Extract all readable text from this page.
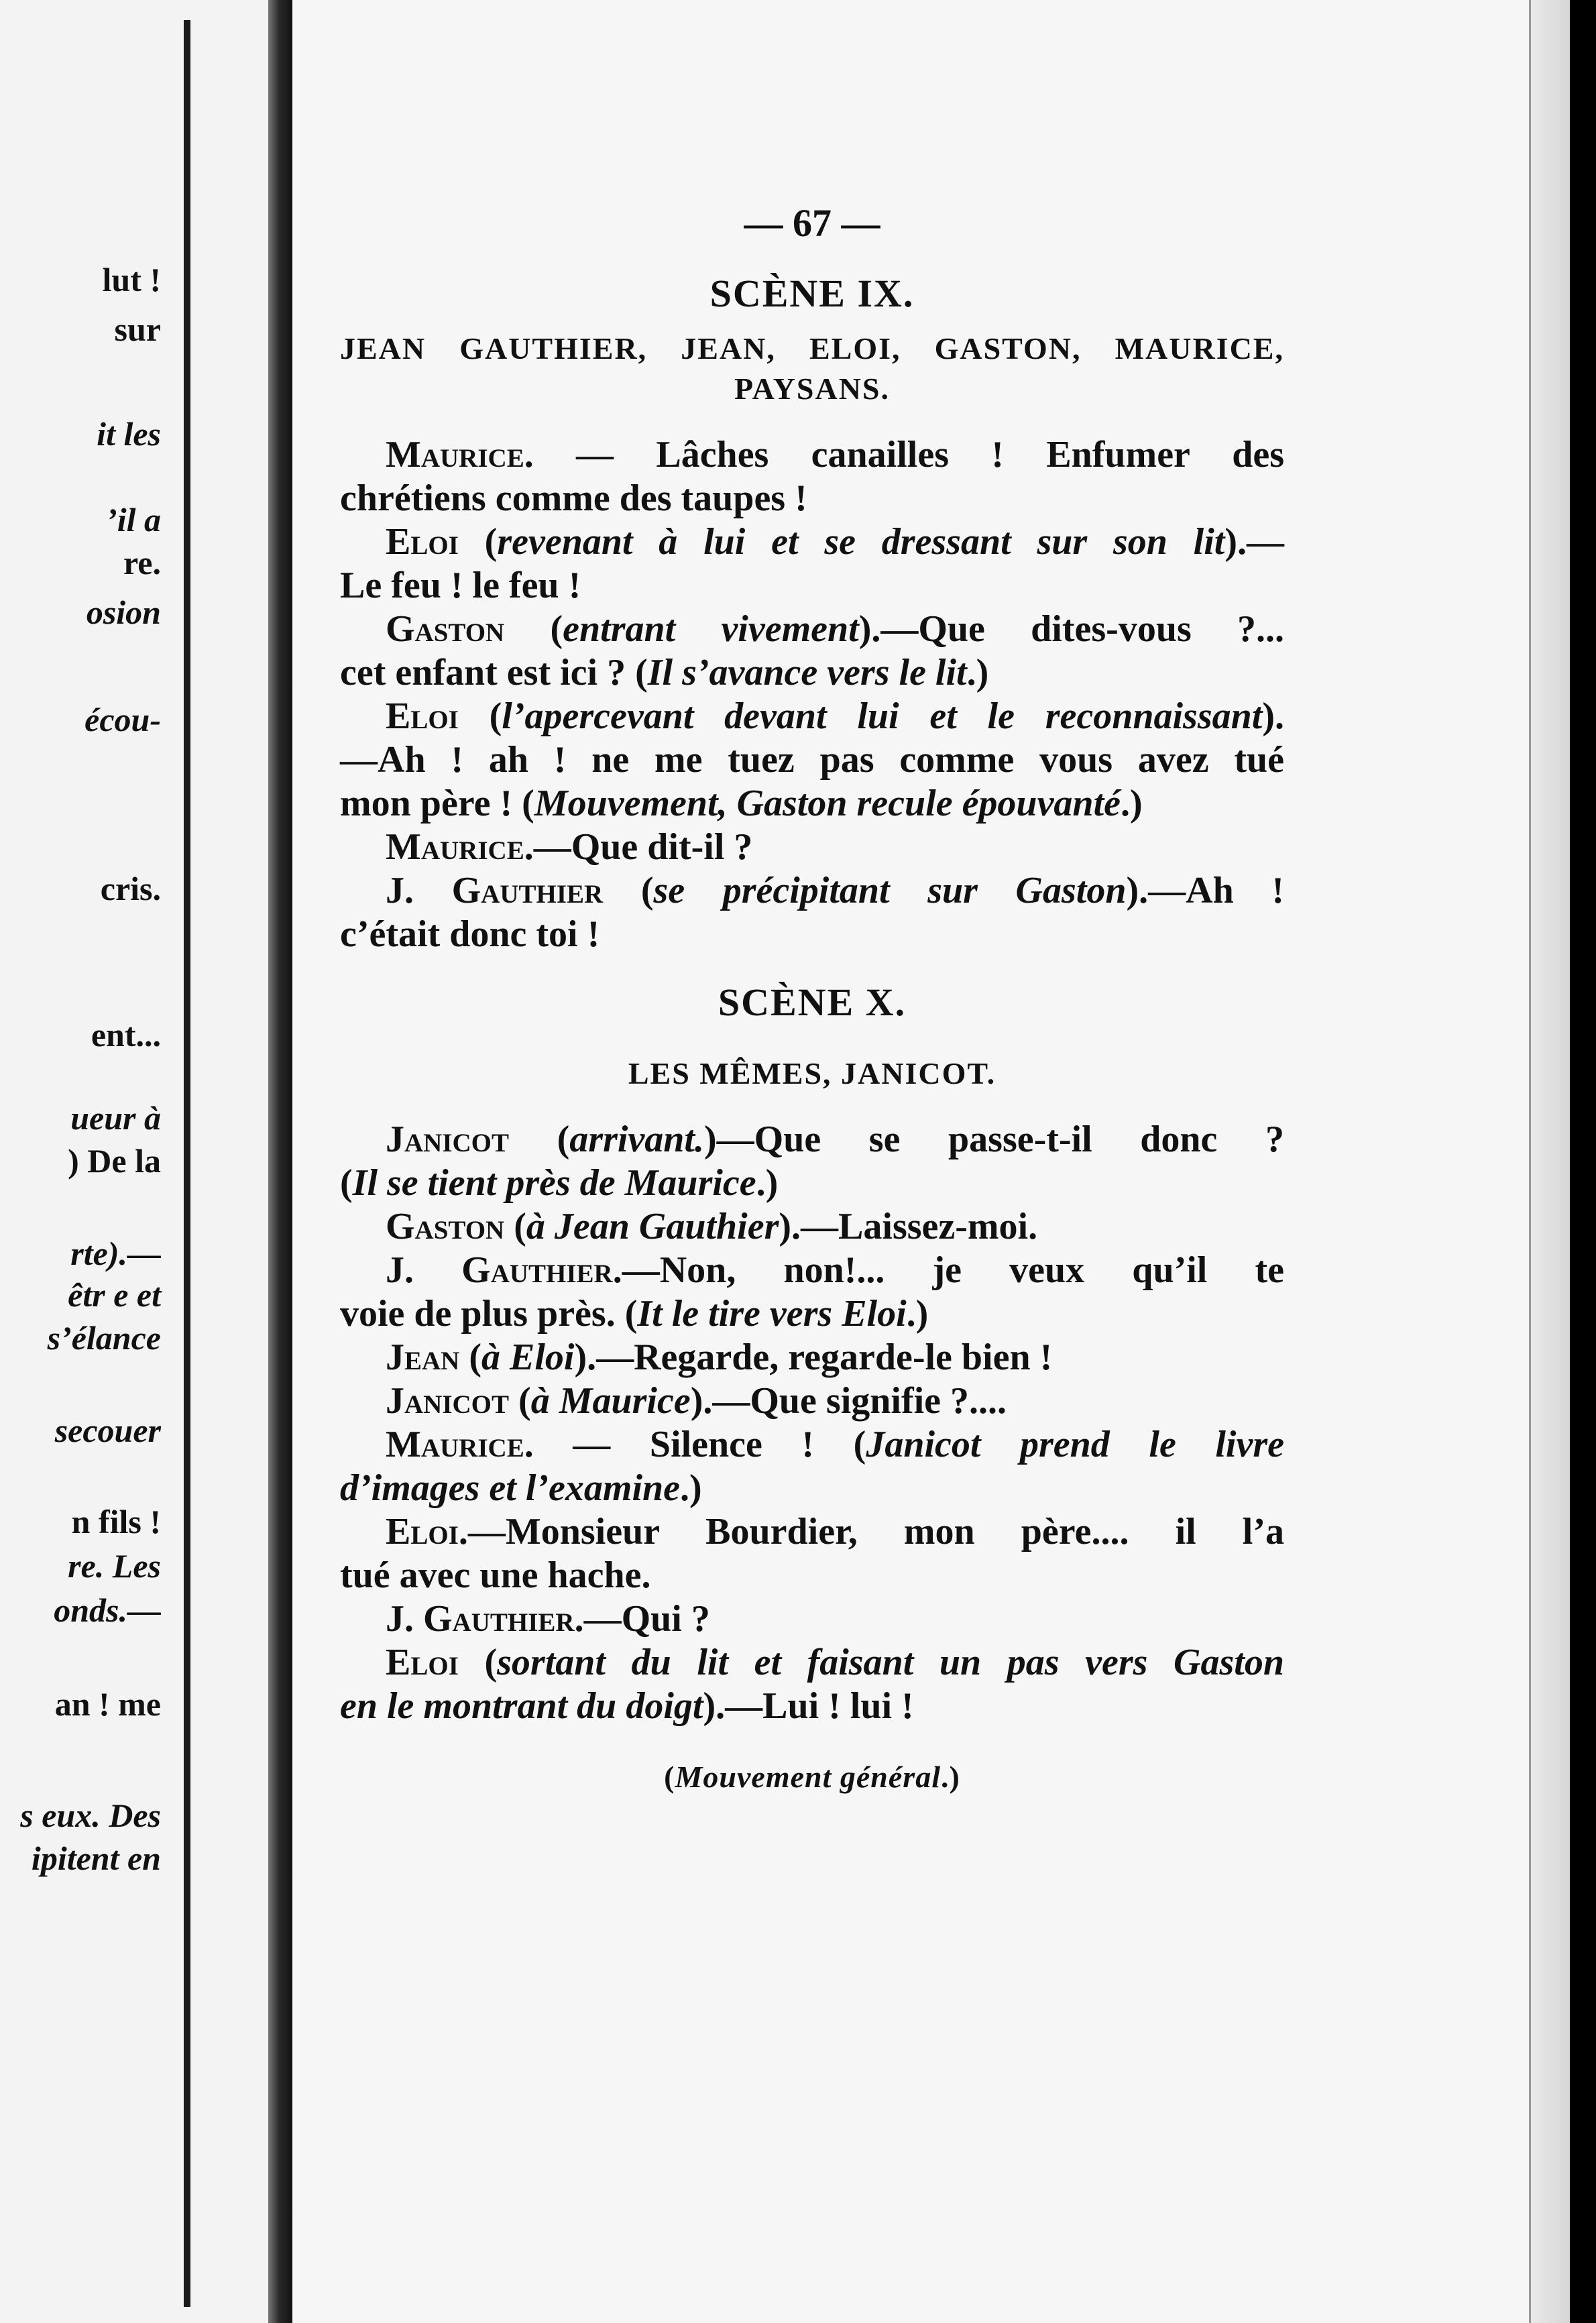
lut !
sur
it les
’il a
re.
osion
écou-
cris.
ent...
ueur à
) De la
rte).—
êtr e et
s’élance
secouer
n fils !
re. Les
onds.—
an ! me
s eux. Des
ipitent en
— 67 —
SCÈNE IX.
JEAN GAUTHIER, JEAN, ELOI, GASTON, MAURICE,
PAYSANS.
Maurice. — Lâches canailles ! Enfumer des
chrétiens comme des taupes !
Eloi (revenant à lui et se dressant sur son lit).—
Le feu ! le feu !
Gaston (entrant vivement).—Que dites-vous ?...
cet enfant est ici ? (Il s’avance vers le lit.)
Eloi (l’apercevant devant lui et le reconnaissant).
—Ah ! ah ! ne me tuez pas comme vous avez tué
mon père ! (Mouvement, Gaston recule épouvanté.)
Maurice.—Que dit-il ?
J. Gauthier (se précipitant sur Gaston).—Ah !
c’était donc toi !
SCÈNE X.
LES MÊMES, JANICOT.
Janicot (arrivant.)—Que se passe-t-il donc ?
(Il se tient près de Maurice.)
Gaston (à Jean Gauthier).—Laissez-moi.
J. Gauthier.—Non, non!... je veux qu’il te
voie de plus près. (It le tire vers Eloi.)
Jean (à Eloi).—Regarde, regarde-le bien !
Janicot (à Maurice).—Que signifie ?....
Maurice. — Silence ! (Janicot prend le livre
d’images et l’examine.)
Eloi.—Monsieur Bourdier, mon père.... il l’a
tué avec une hache.
J. Gauthier.—Qui ?
Eloi (sortant du lit et faisant un pas vers Gaston
en le montrant du doigt).—Lui ! lui !
(Mouvement général.)
